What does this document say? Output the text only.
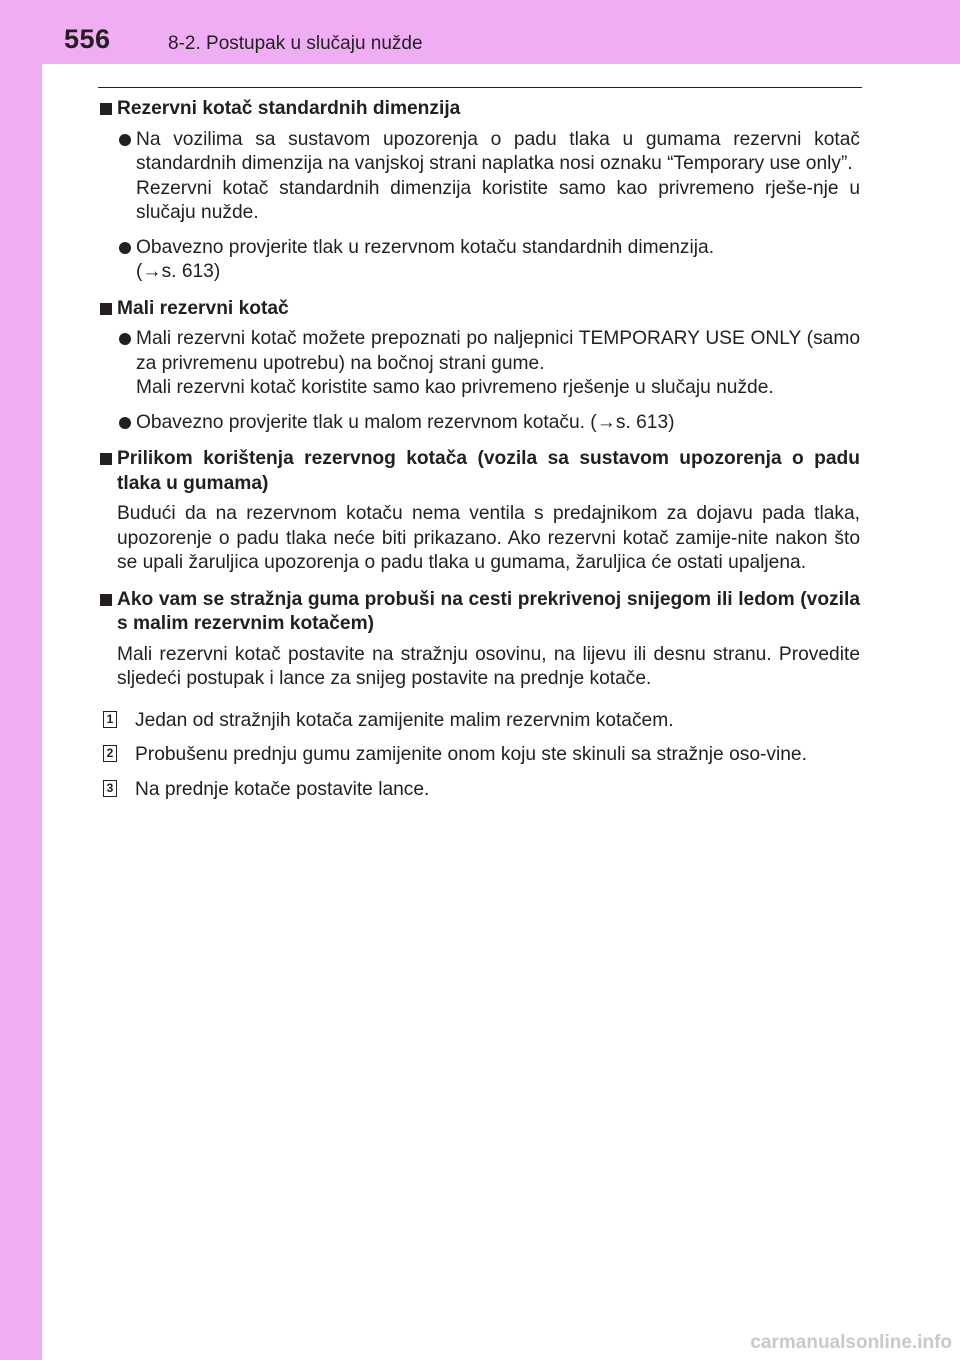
556	8-2. Postupak u slučaju nužde
Rezervni kotač standardnih dimenzija
Na vozilima sa sustavom upozorenja o padu tlaka u gumama rezervni kotač standardnih dimenzija na vanjskoj strani naplatka nosi oznaku “Temporary use only”.
Rezervni kotač standardnih dimenzija koristite samo kao privremeno rješe-nje u slučaju nužde.
Obavezno provjerite tlak u rezervnom kotaču standardnih dimenzija.
(→s. 613)
Mali rezervni kotač
Mali rezervni kotač možete prepoznati po naljepnici TEMPORARY USE ONLY (samo za privremenu upotrebu) na bočnoj strani gume.
Mali rezervni kotač koristite samo kao privremeno rješenje u slučaju nužde.
Obavezno provjerite tlak u malom rezervnom kotaču. (→s. 613)
Prilikom korištenja rezervnog kotača (vozila sa sustavom upozorenja o padu tlaka u gumama)
Budući da na rezervnom kotaču nema ventila s predajnikom za dojavu pada tlaka, upozorenje o padu tlaka neće biti prikazano. Ako rezervni kotač zamije-nite nakon što se upali žaruljica upozorenja o padu tlaka u gumama, žaruljica će ostati upaljena.
Ako vam se stražnja guma probuši na cesti prekrivenoj snijegom ili ledom (vozila s malim rezervnim kotačem)
Mali rezervni kotač postavite na stražnju osovinu, na lijevu ili desnu stranu. Provedite sljedeći postupak i lance za snijeg postavite na prednje kotače.
1 Jedan od stražnjih kotača zamijenite malim rezervnim kotačem.
2 Probušenu prednju gumu zamijenite onom koju ste skinuli sa stražnje oso-vine.
3 Na prednje kotače postavite lance.
carmanualsonline.info
